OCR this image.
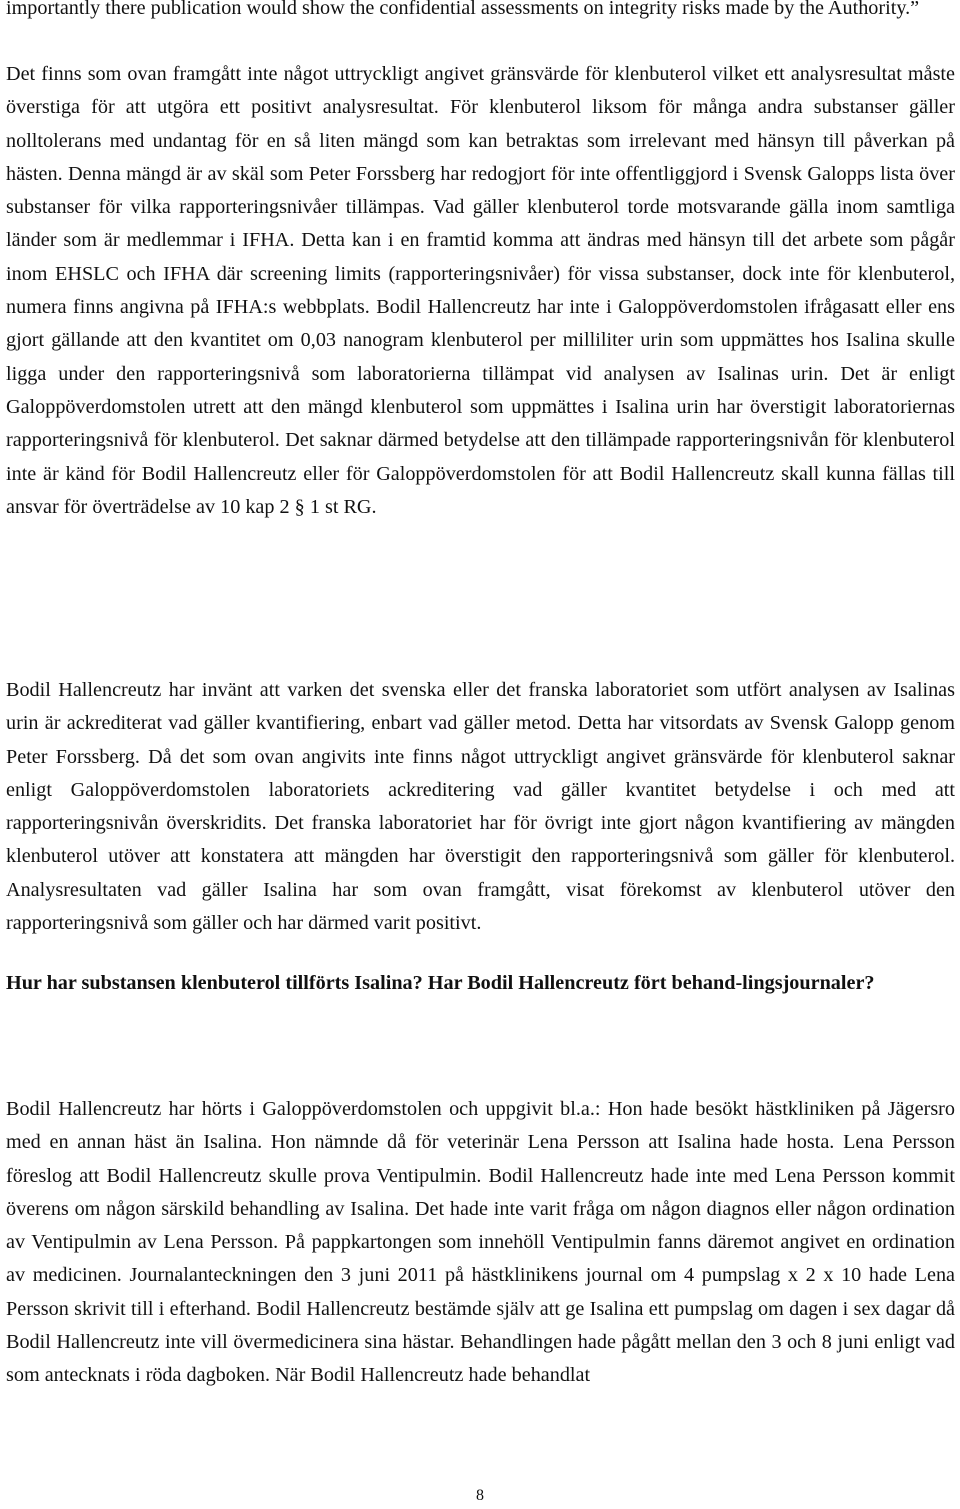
importantly there publication would show the confidential assessments on integrity risks made by the Authority.”

Det finns som ovan framgått inte något uttryckligt angivet gränsvärde för klenbuterol vilket ett analysresultat måste överstiga för att utgöra ett positivt analysresultat. För klenbuterol liksom för många andra substanser gäller nolltolerans med undantag för en så liten mängd som kan betraktas som irrelevant med hänsyn till påverkan på hästen. Denna mängd är av skäl som Peter Forssberg har redogjort för inte offentliggjord i Svensk Galopps lista över substanser för vilka rapporteringsnivåer tillämpas. Vad gäller klenbuterol torde motsvarande gälla inom samtliga länder som är medlemmar i IFHA. Detta kan i en framtid komma att ändras med hänsyn till det arbete som pågår inom EHSLC och IFHA där screening limits (rapporteringsnivåer) för vissa substanser, dock inte för klenbuterol, numera finns angivna på IFHA:s webbplats. Bodil Hallencreutz har inte i Galoppöverdomstolen ifrågasatt eller ens gjort gällande att den kvantitet om 0,03 nanogram klenbuterol per milliliter urin som uppmättes hos Isalina skulle ligga under den rapporteringsnivå som laboratorierna tillämpat vid analysen av Isalinas urin. Det är enligt Galoppöverdomstolen utrett att den mängd klenbuterol som uppmättes i Isalina urin har överstigit laboratoriernas rapporteringsnivå för klenbuterol. Det saknar därmed betydelse att den tillämpade rapporteringsnivån för klenbuterol inte är känd för Bodil Hallencreutz eller för Galoppöverdomstolen för att Bodil Hallencreutz skall kunna fällas till ansvar för överträdelse av 10 kap 2 § 1 st RG.

Bodil Hallencreutz har invänt att varken det svenska eller det franska laboratoriet som utfört analysen av Isalinas urin är ackrediterat vad gäller kvantifiering, enbart vad gäller metod. Detta har vitsordats av Svensk Galopp genom Peter Forssberg. Då det som ovan angivits inte finns något uttryckligt angivet gränsvärde för klenbuterol saknar enligt Galoppöverdomstolen laboratoriets ackreditering vad gäller kvantitet betydelse i och med att rapporteringsnivån överskridits. Det franska laboratoriet har för övrigt inte gjort någon kvantifiering av mängden klenbuterol utöver att konstatera att mängden har överstigit den rapporteringsnivå som gäller för klenbuterol. Analysresultaten vad gäller Isalina har som ovan framgått, visat förekomst av klenbuterol utöver den rapporteringsnivå som gäller och har därmed varit positivt.

Hur har substansen klenbuterol tillförts Isalina? Har Bodil Hallencreutz fört behand-lingsjournaler?

Bodil Hallencreutz har hörts i Galoppöverdomstolen och uppgivit bl.a.: Hon hade besökt hästkliniken på Jägersro med en annan häst än Isalina. Hon nämnde då för veterinär Lena Persson att Isalina hade hosta. Lena Persson föreslog att Bodil Hallencreutz skulle prova Ventipulmin. Bodil Hallencreutz hade inte med Lena Persson kommit överens om någon särskild behandling av Isalina. Det hade inte varit fråga om någon diagnos eller någon ordination av Ventipulmin av Lena Persson. På pappkartongen som innehöll Ventipulmin fanns däremot angivet en ordination av medicinen. Journalanteckningen den 3 juni 2011 på hästklinikens journal om 4 pumpslag x 2 x 10 hade Lena Persson skrivit till i efterhand. Bodil Hallencreutz bestämde själv att ge Isalina ett pumpslag om dagen i sex dagar då Bodil Hallencreutz inte vill övermedicinera sina hästar. Behandlingen hade pågått mellan den 3 och 8 juni enligt vad som antecknats i röda dagboken. När Bodil Hallencreutz hade behandlat

8
